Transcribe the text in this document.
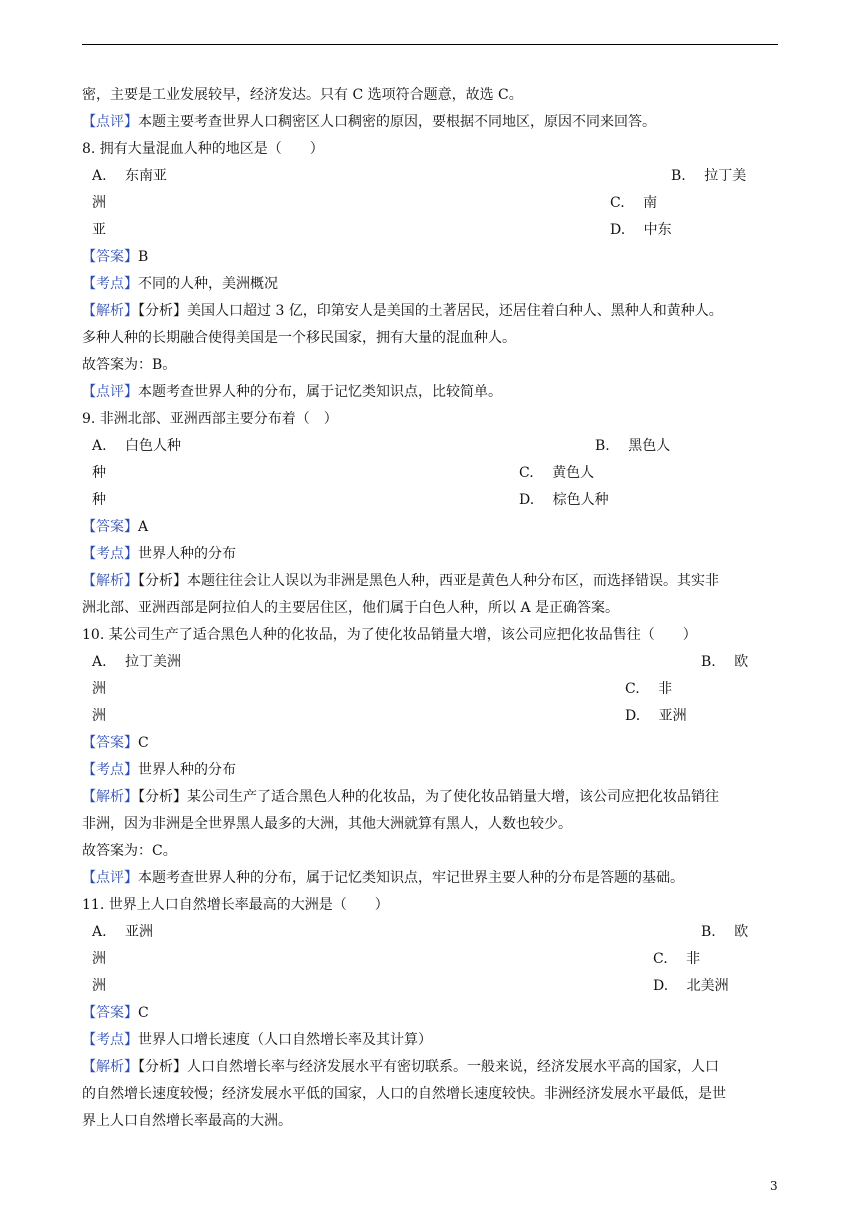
密，主要是工业发展较早，经济发达。只有 C 选项符合题意，故选 C。
【点评】本题主要考查世界人口稠密区人口稠密的原因，要根据不同地区，原因不同来回答。
8. 拥有大量混血人种的地区是（　　）
A.　 东南亚	B.　 拉丁美
洲	C.　 南
亚	D.　 中东
【答案】B
【考点】不同的人种，美洲概况
【解析】【分析】美国人口超过 3 亿，印第安人是美国的土著居民，还居住着白种人、黑种人和黄种人。
多种人种的长期融合使得美国是一个移民国家，拥有大量的混血种人。
故答案为：B。
【点评】本题考查世界人种的分布，属于记忆类知识点，比较简单。
9. 非洲北部、亚洲西部主要分布着（　）
A.　 白色人种	B.　 黑色人
种	C.　 黄色人
种	D.　 棕色人种
【答案】A
【考点】世界人种的分布
【解析】【分析】本题往往会让人误以为非洲是黑色人种，西亚是黄色人种分布区，而选择错误。其实非
洲北部、亚洲西部是阿拉伯人的主要居住区，他们属于白色人种，所以 A 是正确答案。
10. 某公司生产了适合黑色人种的化妆品，为了使化妆品销量大增，该公司应把化妆品售往（　　）
A.　 拉丁美洲	B.　 欧
洲	C.　 非
洲	D.　 亚洲
【答案】C
【考点】世界人种的分布
【解析】【分析】某公司生产了适合黑色人种的化妆品，为了使化妆品销量大增，该公司应把化妆品销往
非洲，因为非洲是全世界黑人最多的大洲，其他大洲就算有黑人，人数也较少。
故答案为：C。
【点评】本题考查世界人种的分布，属于记忆类知识点，牢记世界主要人种的分布是答题的基础。
11. 世界上人口自然增长率最高的大洲是（　　）
A.　 亚洲	B.　 欧
洲	C.　 非
洲	D.　 北美洲
【答案】C
【考点】世界人口增长速度（人口自然增长率及其计算）
【解析】【分析】人口自然增长率与经济发展水平有密切联系。一般来说，经济发展水平高的国家，人口
的自然增长速度较慢；经济发展水平低的国家，人口的自然增长速度较快。非洲经济发展水平最低，是世
界上人口自然增长率最高的大洲。
3
